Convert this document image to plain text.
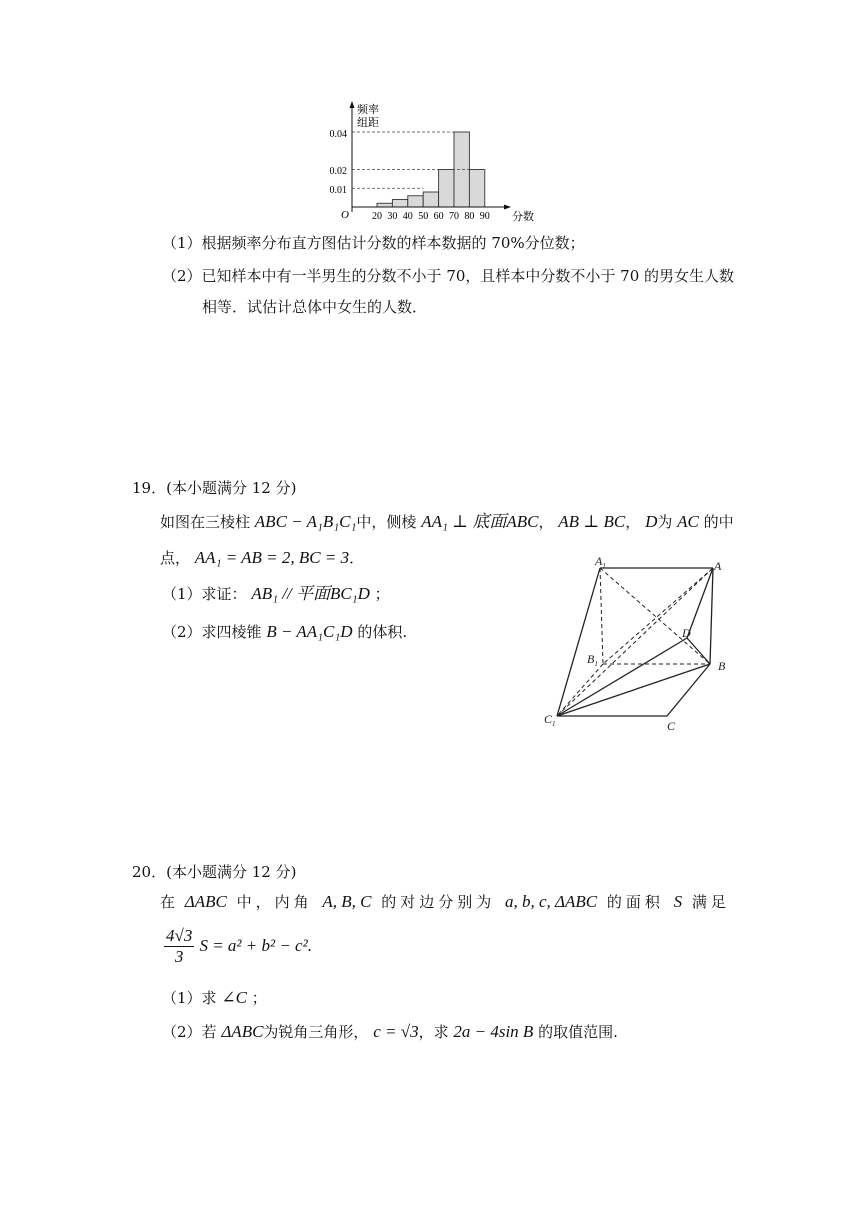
频率
组距
0.04
0.02
0.01
O 20 30 40 50 60 70 80 90 分数
（1）根据频率分布直方图估计分数的样本数据的 70%分位数；
（2）已知样本中有一半男生的分数不小于 70，且样本中分数不小于 70 的男女生人数
相等．试估计总体中女生的人数．
19．(本小题满分 12 分)
如图在三棱柱 ABC − A₁B₁C₁中，侧棱 AA₁ ⊥ 底面ABC， AB ⊥ BC， D为 AC 的中
点， AA₁ = AB = 2, BC = 3．
（1）求证： AB₁ // 平面BC₁D ；
（2）求四棱锥 B − AA₁C₁D 的体积.
$A_1$	A
D
$B_1$	B
$C_1$	C
20．(本小题满分 12 分)
在 ΔABC 中，内角 A, B, C 的对边分别为 a, b, c, ΔABC 的面积 S 满足
$\frac{4√3}{3}$ S = a² + b² − c².
（1）求 ∠C ；
（2）若 ΔABC为锐角三角形， c = √3，求 2a − 4sin B 的取值范围.
